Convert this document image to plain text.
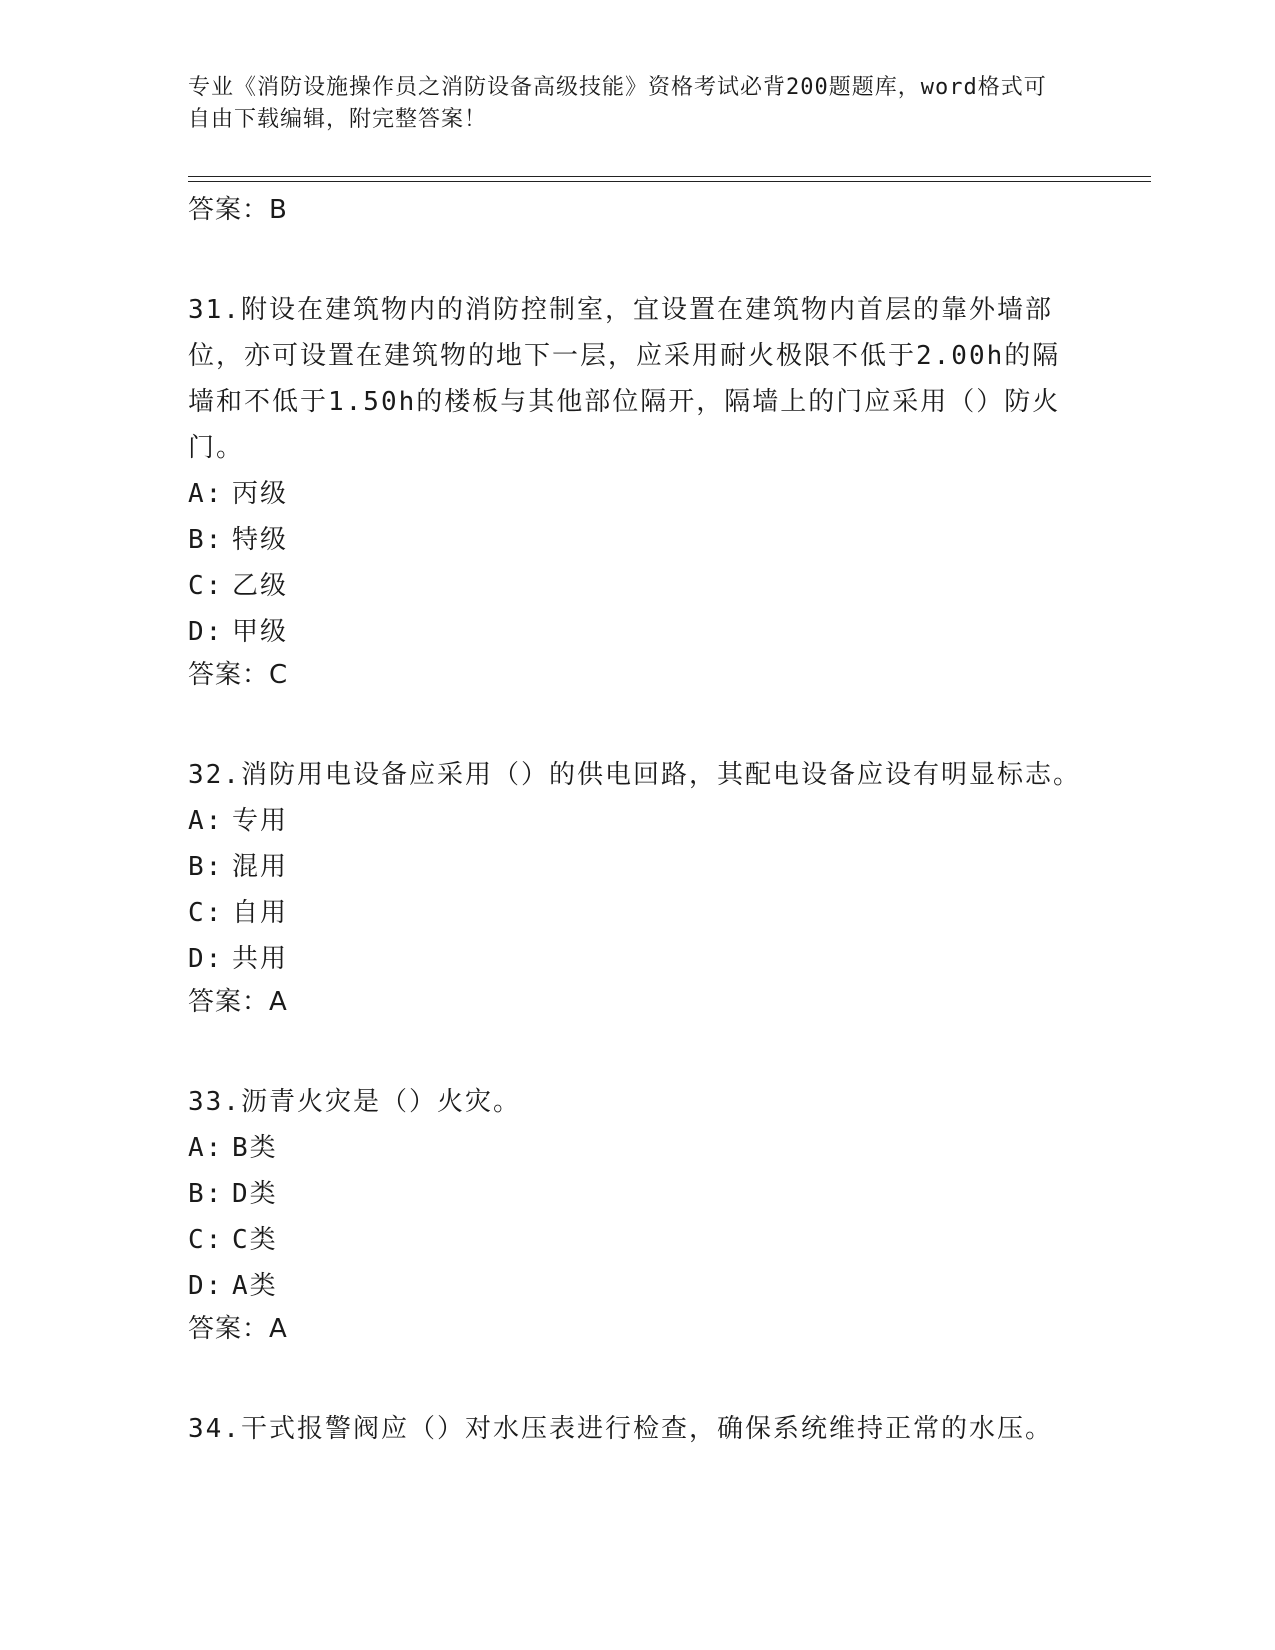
专业《消防设施操作员之消防设备高级技能》资格考试必背200题题库，word格式可自由下载编辑，附完整答案！
答案：B
31.附设在建筑物内的消防控制室，宜设置在建筑物内首层的靠外墙部位，亦可设置在建筑物的地下一层，应采用耐火极限不低于2.00h的隔墙和不低于1.50h的楼板与其他部位隔开，隔墙上的门应采用（）防火门。
A: 丙级
B: 特级
C: 乙级
D: 甲级
答案：C
32.消防用电设备应采用（）的供电回路，其配电设备应设有明显标志。
A: 专用
B: 混用
C: 自用
D: 共用
答案：A
33.沥青火灾是（）火灾。
A: B类
B: D类
C: C类
D: A类
答案：A
34.干式报警阀应（）对水压表进行检查，确保系统维持正常的水压。
